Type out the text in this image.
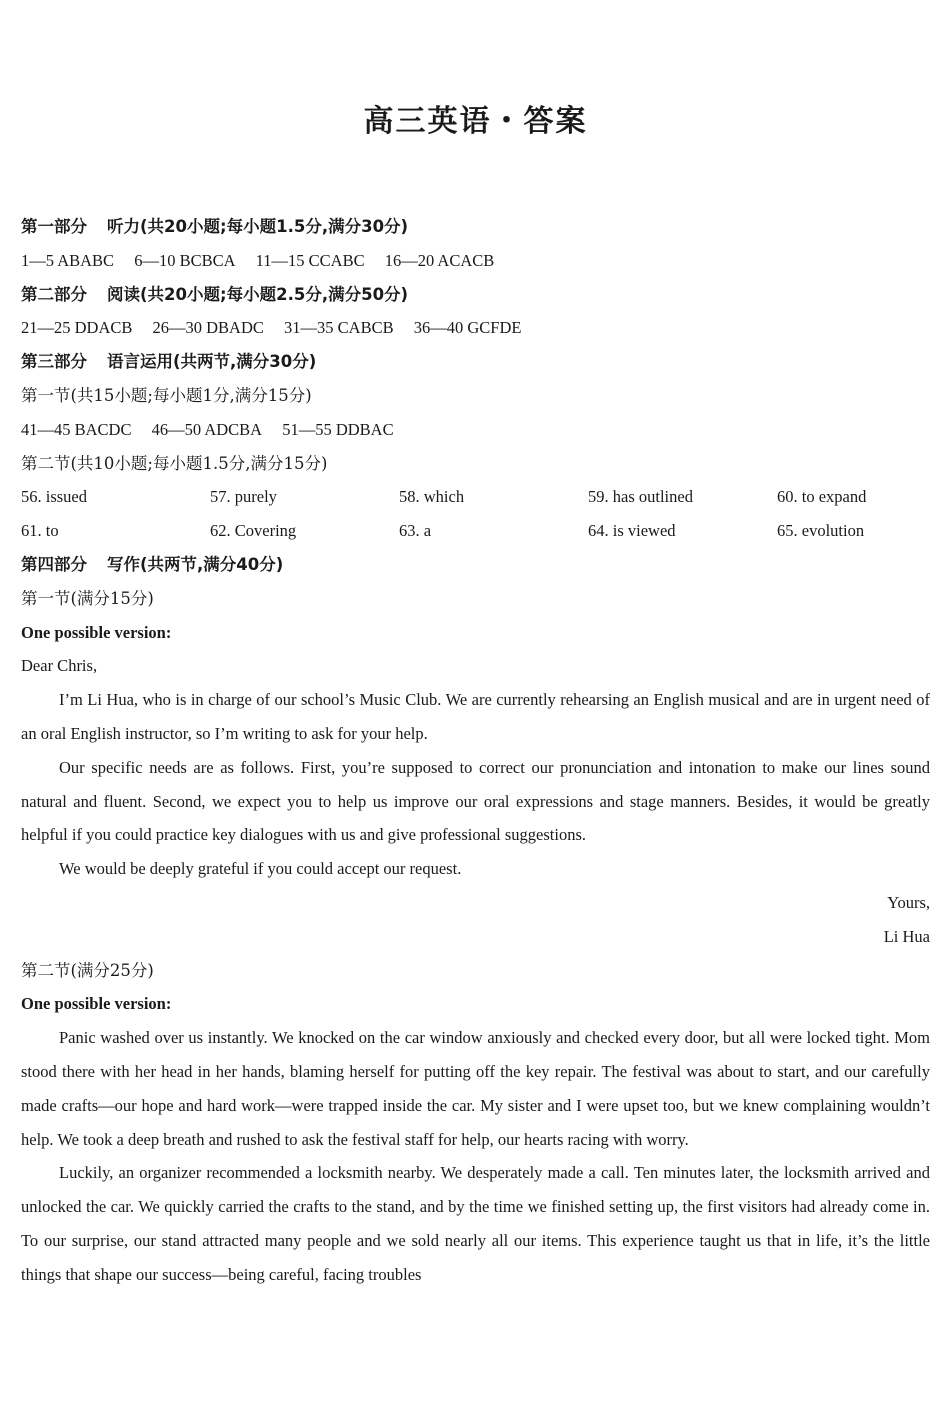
高三英语・答案
第一部分 听力(共20小题;每小题1.5分,满分30分)
1—5 ABABC 6—10 BCBCA 11—15 CCABC 16—20 ACACB
第二部分 阅读(共20小题;每小题2.5分,满分50分)
21—25 DDACB 26—30 DBADC 31—35 CABCB 36—40 GCFDE
第三部分 语言运用(共两节,满分30分)
第一节(共15小题;每小题1分,满分15分)
41—45 BACDC 46—50 ADCBA 51—55 DDBAC
第二节(共10小题;每小题1.5分,满分15分)
56. issued	57. purely	58. which	59. has outlined	60. to expand
61. to	62. Covering	63. a	64. is viewed	65. evolution
第四部分 写作(共两节,满分40分)
第一节(满分15分)
One possible version:
Dear Chris,

I’m Li Hua, who is in charge of our school’s Music Club. We are currently rehearsing an English musical and are in urgent need of an oral English instructor, so I’m writing to ask for your help.

Our specific needs are as follows. First, you’re supposed to correct our pronunciation and intonation to make our lines sound natural and fluent. Second, we expect you to help us improve our oral expressions and stage manners. Besides, it would be greatly helpful if you could practice key dialogues with us and give professional suggestions.

We would be deeply grateful if you could accept our request.

Yours,
Li Hua
第二节(满分25分)
One possible version:

Panic washed over us instantly. We knocked on the car window anxiously and checked every door, but all were locked tight. Mom stood there with her head in her hands, blaming herself for putting off the key repair. The festival was about to start, and our carefully made crafts—our hope and hard work—were trapped inside the car. My sister and I were upset too, but we knew complaining wouldn’t help. We took a deep breath and rushed to ask the festival staff for help, our hearts racing with worry.

Luckily, an organizer recommended a locksmith nearby. We desperately made a call. Ten minutes later, the locksmith arrived and unlocked the car. We quickly carried the crafts to the stand, and by the time we finished setting up, the first visitors had already come in. To our surprise, our stand attracted many people and we sold nearly all our items. This experience taught us that in life, it’s the little things that shape our success—being careful, facing troubles
